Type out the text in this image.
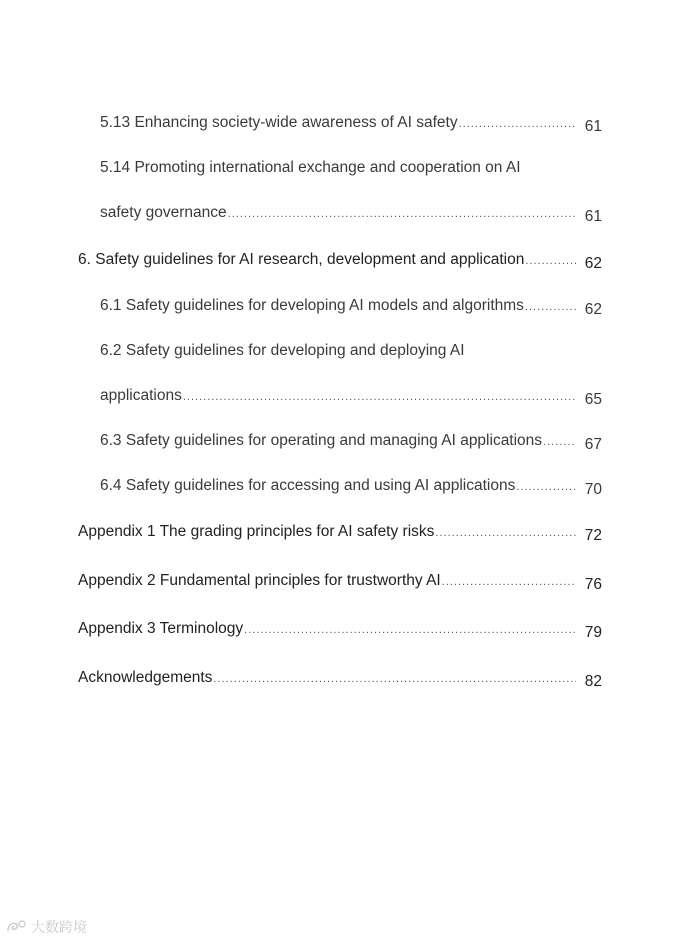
5.13 Enhancing society-wide awareness of AI safety .....	61
5.14 Promoting international exchange and cooperation on AI
safety governance .....	61
6. Safety guidelines for AI research, development and application .....	62
6.1 Safety guidelines for developing AI models and algorithms .....	62
6.2 Safety guidelines for developing and deploying AI
applications .....	65
6.3 Safety guidelines for operating and managing AI applications .....	67
6.4 Safety guidelines for accessing and using AI applications .....	70
Appendix 1 The grading principles for AI safety risks .....	72
Appendix 2 Fundamental principles for trustworthy AI .....	76
Appendix 3 Terminology .....	79
Acknowledgements .....	82
大数跨境
